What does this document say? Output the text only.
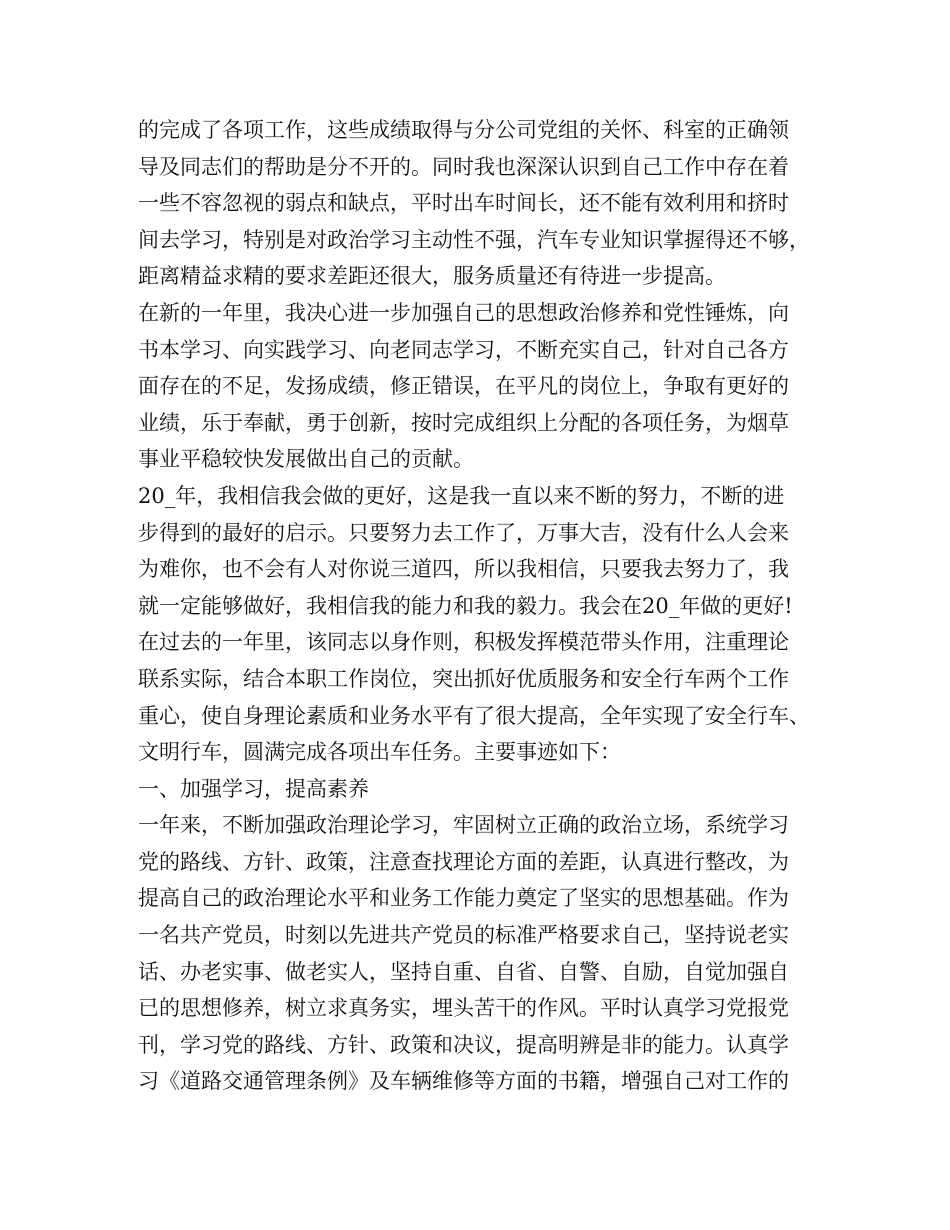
的完成了各项工作，这些成绩取得与分公司党组的关怀、科室的正确领
导及同志们的帮助是分不开的。同时我也深深认识到自己工作中存在着
一些不容忽视的弱点和缺点，平时出车时间长，还不能有效利用和挤时
间去学习，特别是对政治学习主动性不强，汽车专业知识掌握得还不够，
距离精益求精的要求差距还很大，服务质量还有待进一步提高。
在新的一年里，我决心进一步加强自己的思想政治修养和党性锤炼，向
书本学习、向实践学习、向老同志学习，不断充实自己，针对自己各方
面存在的不足，发扬成绩，修正错误，在平凡的岗位上，争取有更好的
业绩，乐于奉献，勇于创新，按时完成组织上分配的各项任务，为烟草
事业平稳较快发展做出自己的贡献。
20_年，我相信我会做的更好，这是我一直以来不断的努力，不断的进
步得到的最好的启示。只要努力去工作了，万事大吉，没有什么人会来
为难你，也不会有人对你说三道四，所以我相信，只要我去努力了，我
就一定能够做好，我相信我的能力和我的毅力。我会在20_年做的更好!
在过去的一年里，该同志以身作则，积极发挥模范带头作用，注重理论
联系实际，结合本职工作岗位，突出抓好优质服务和安全行车两个工作
重心，使自身理论素质和业务水平有了很大提高，全年实现了安全行车、
文明行车，圆满完成各项出车任务。主要事迹如下：
一、加强学习，提高素养
一年来，不断加强政治理论学习，牢固树立正确的政治立场，系统学习
党的路线、方针、政策，注意查找理论方面的差距，认真进行整改，为
提高自己的政治理论水平和业务工作能力奠定了坚实的思想基础。作为
一名共产党员，时刻以先进共产党员的标准严格要求自己，坚持说老实
话、办老实事、做老实人，坚持自重、自省、自警、自励，自觉加强自
已的思想修养，树立求真务实，埋头苦干的作风。平时认真学习党报党
刊，学习党的路线、方针、政策和决议，提高明辨是非的能力。认真学
习《道路交通管理条例》及车辆维修等方面的书籍，增强自己对工作的
